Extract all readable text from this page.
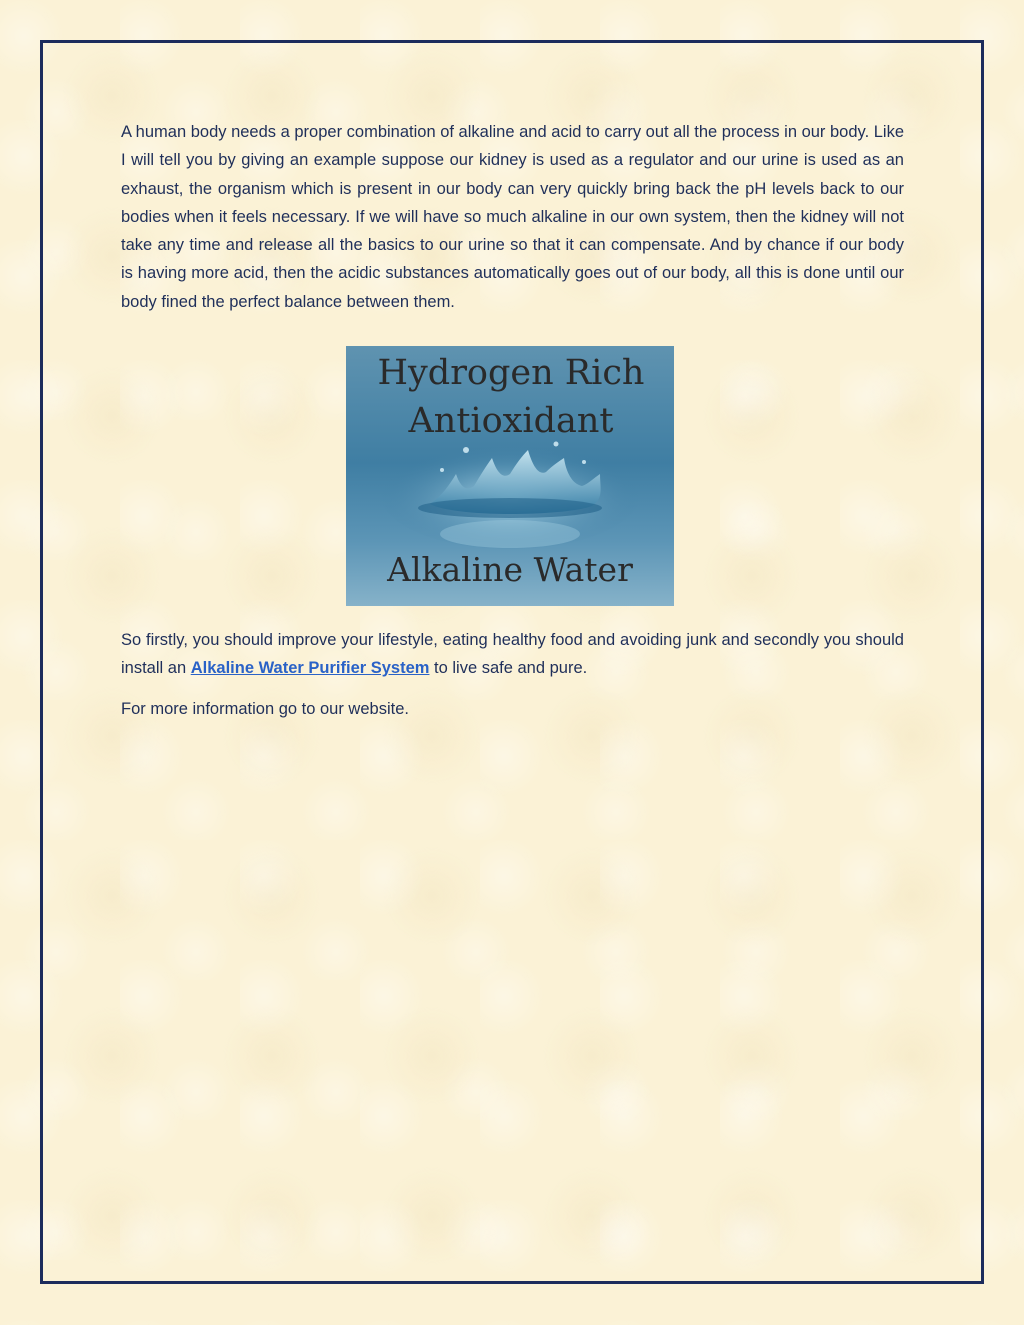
A human body needs a proper combination of alkaline and acid to carry out all the process in our body. Like I will tell you by giving an example suppose our kidney is used as a regulator and our urine is used as an exhaust, the organism which is present in our body can very quickly bring back the pH levels back to our bodies when it feels necessary. If we will have so much alkaline in our own system, then the kidney will not take any time and release all the basics to our urine so that it can compensate. And by chance if our body is having more acid, then the acidic substances automatically goes out of our body, all this is done until our body fined the perfect balance between them.

Hydrogen Rich
Antioxidant
Alkaline Water

So firstly, you should improve your lifestyle, eating healthy food and avoiding junk and secondly you should install an Alkaline Water Purifier System to live safe and pure.

For more information go to our website.
